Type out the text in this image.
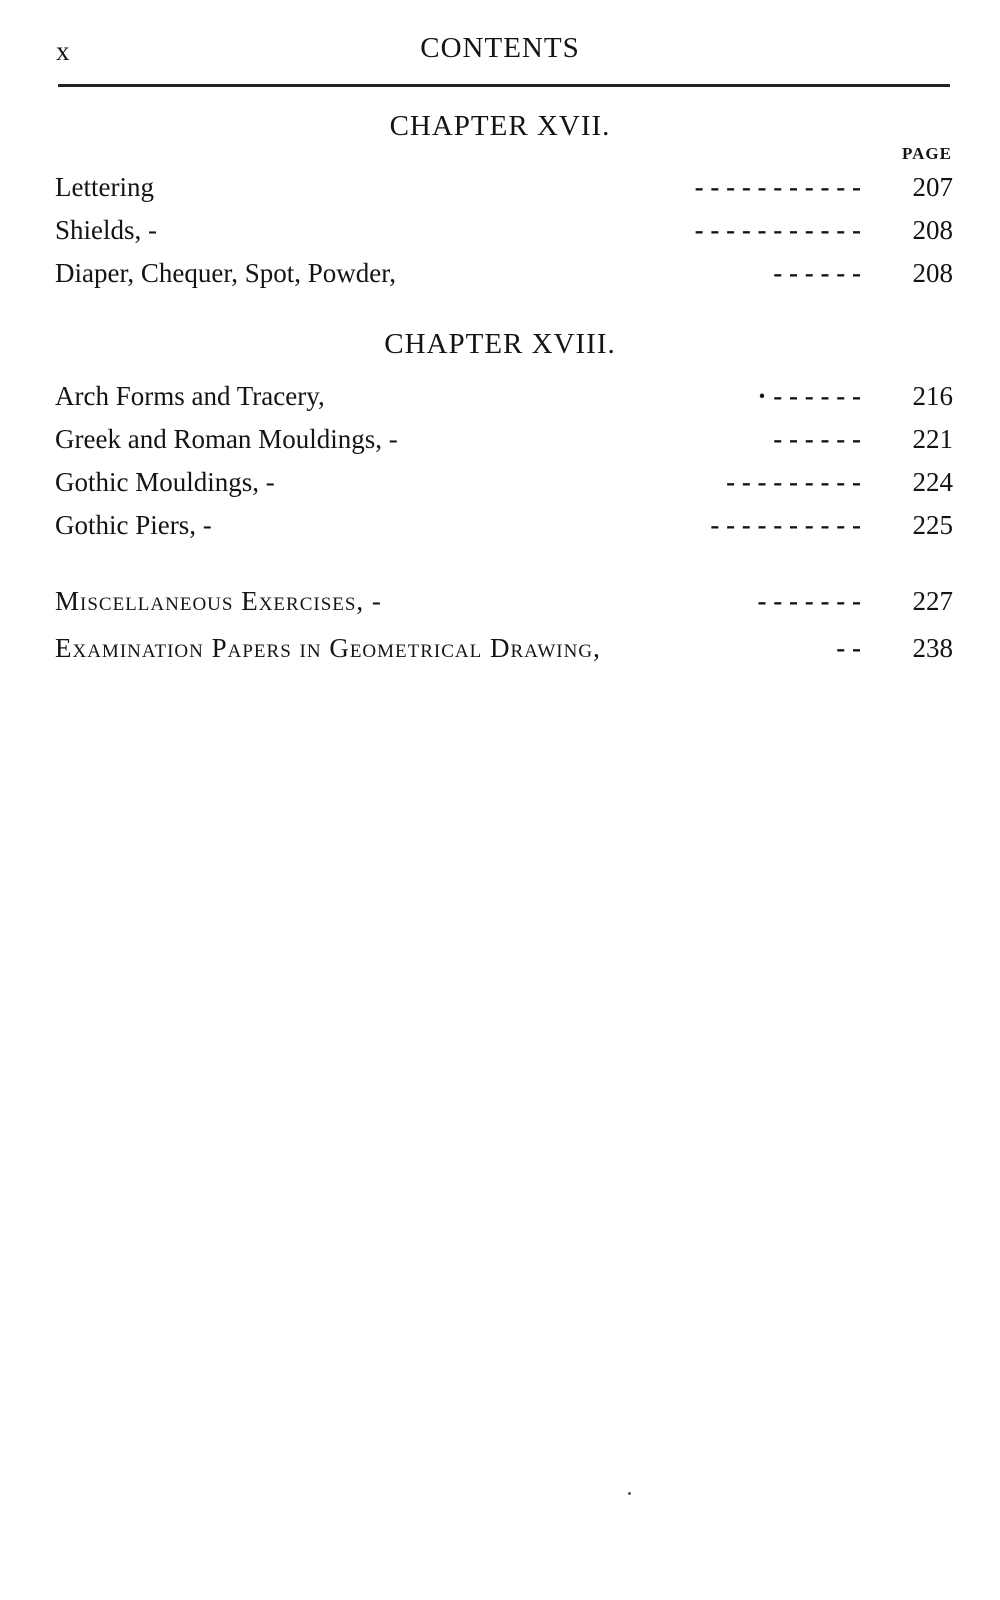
x	CONTENTS
CHAPTER XVII.
PAGE
Lettering	- - - - - - - - - - - 207
Shields, -	- - - - - - - - - - - 208
Diaper, Chequer, Spot, Powder,	- - - - - - 208
CHAPTER XVIII.
Arch Forms and Tracery,	· - - - - - - 216
Greek and Roman Mouldings, -	- - - - - - 221
Gothic Mouldings, -	- - - - - - - - - 224
Gothic Piers, -	- - - - - - - - - - 225
Miscellaneous Exercises, -	- - - - - - - 227
Examination Papers in Geometrical Drawing,	- - 238
